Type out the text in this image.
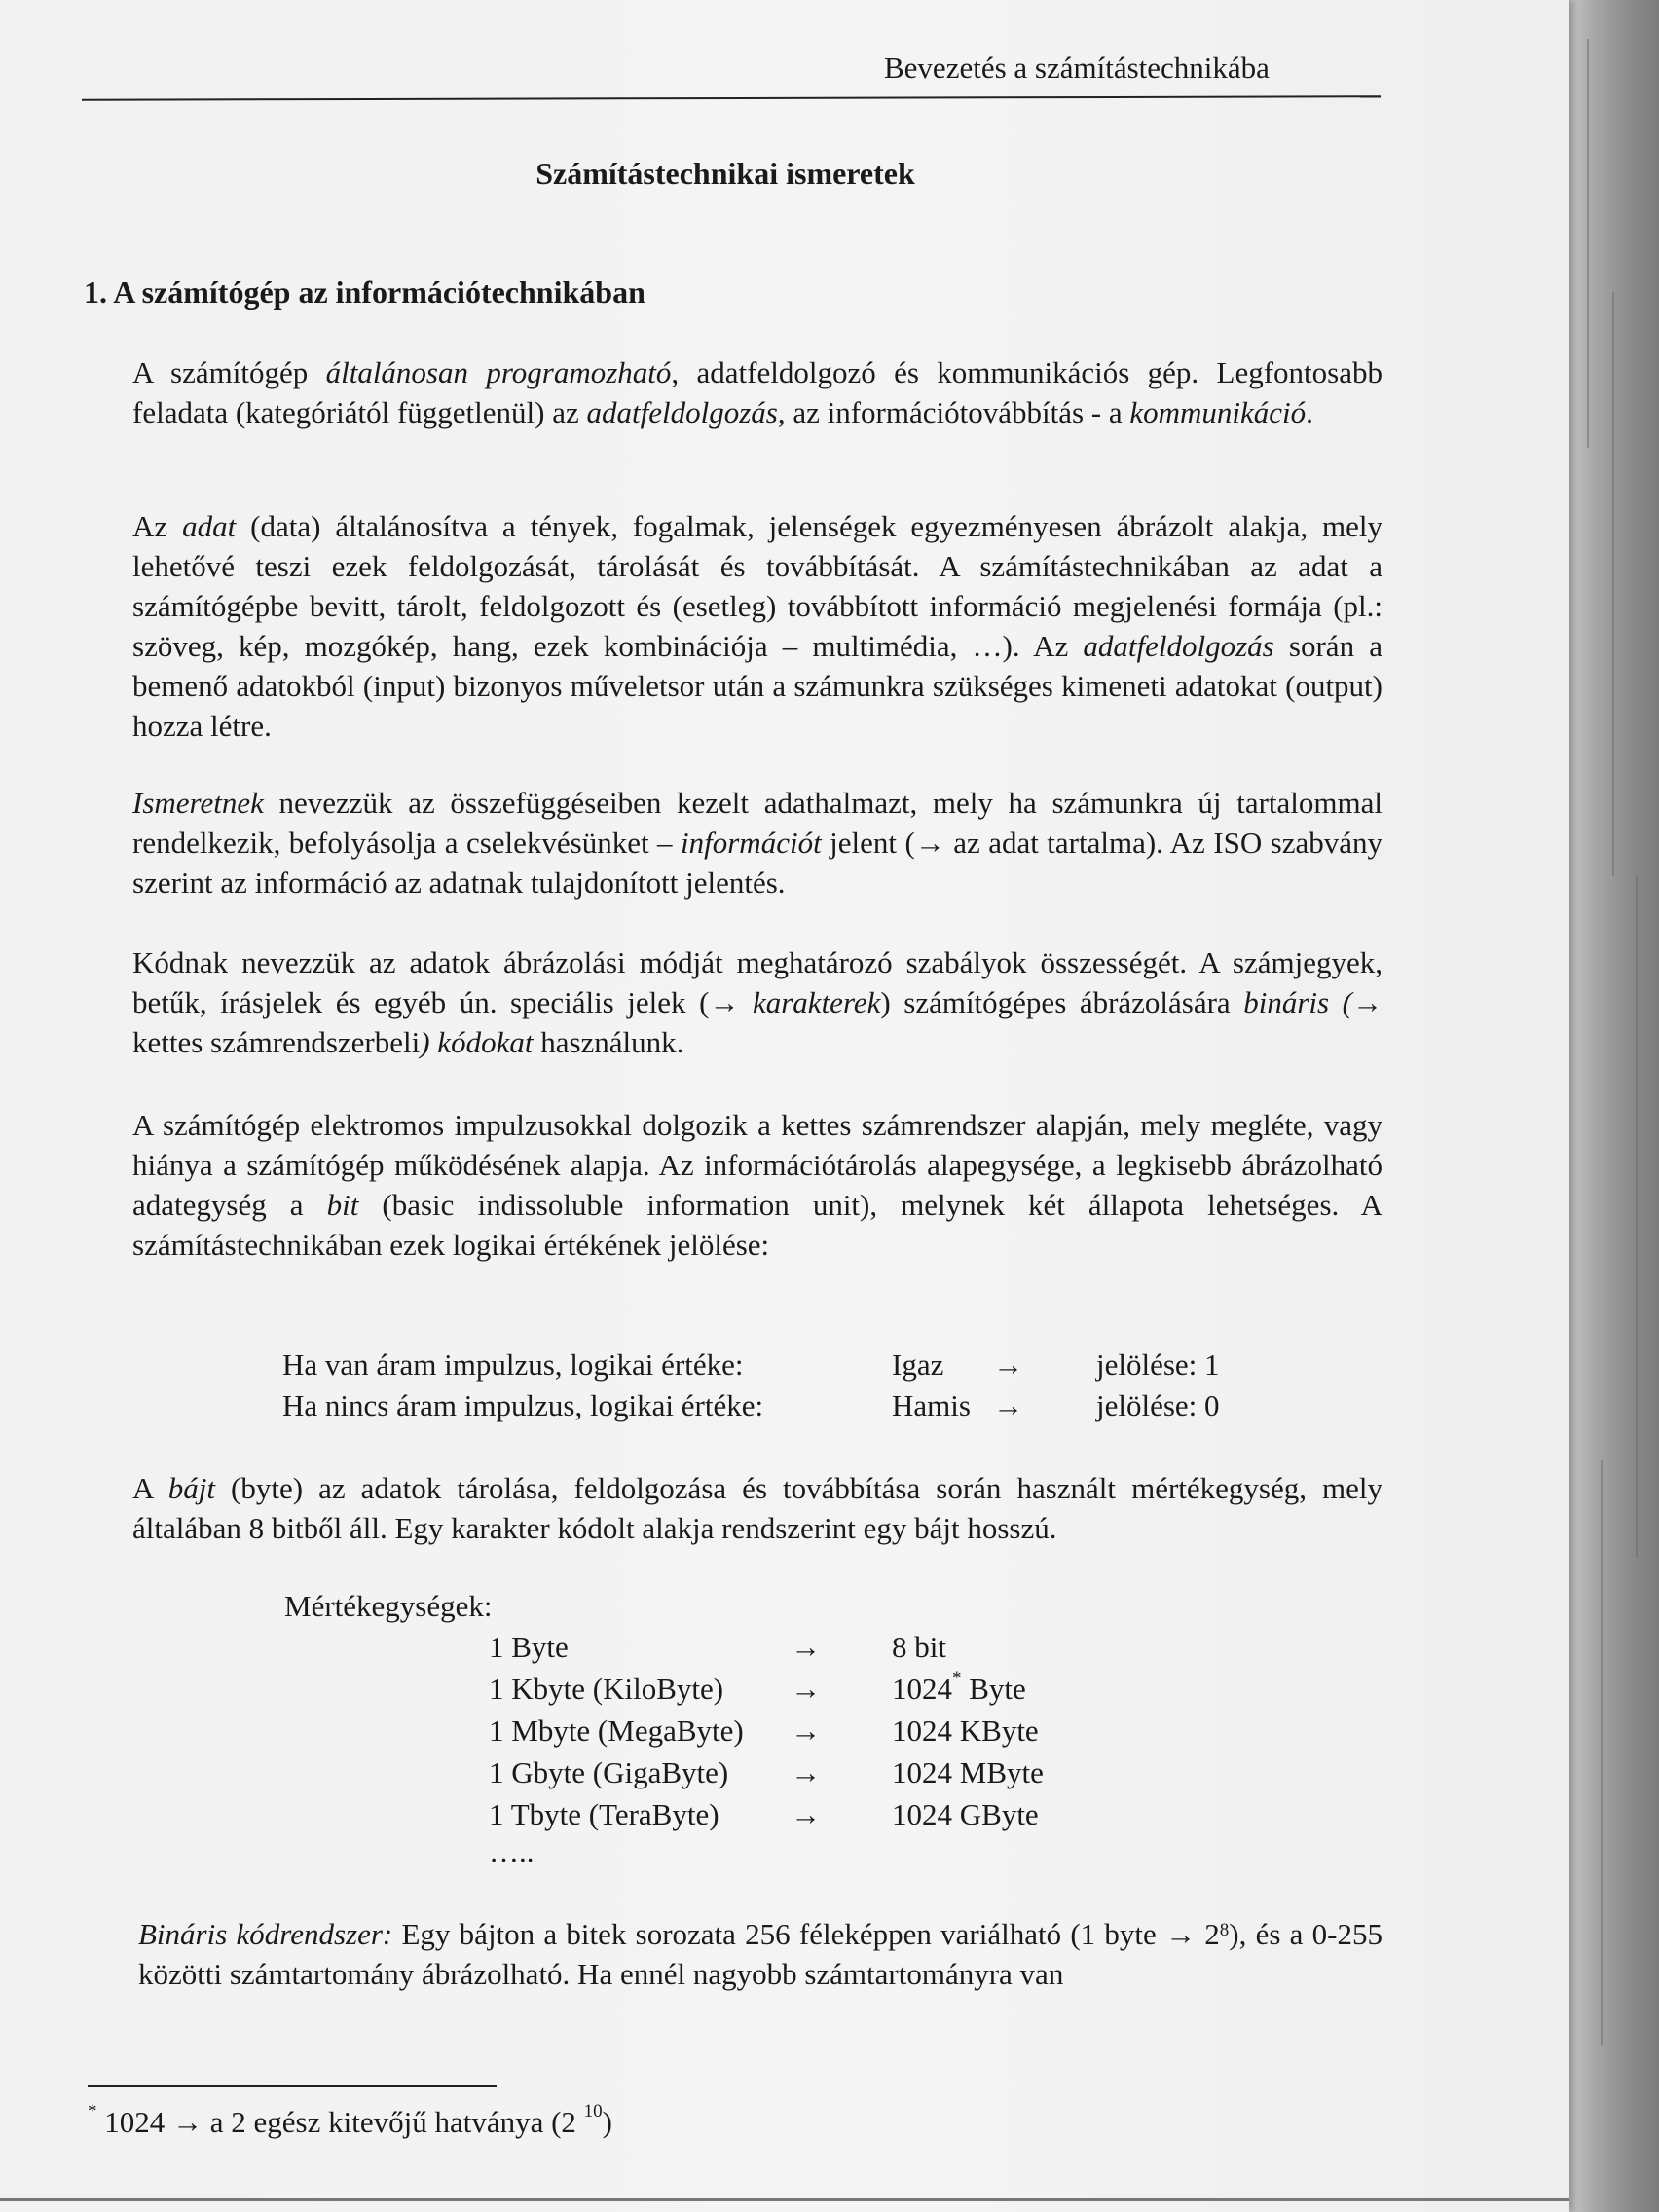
Bevezetés a számítástechnikába
Számítástechnikai ismeretek
1. A számítógép az információtechnikában
A számítógép általánosan programozható, adatfeldolgozó és kommunikációs gép. Legfontosabb feladata (kategóriától függetlenül) az adatfeldolgozás, az információtovábbítás - a kommunikáció.
Az adat (data) általánosítva a tények, fogalmak, jelenségek egyezményesen ábrázolt alakja, mely lehetővé teszi ezek feldolgozását, tárolását és továbbítását. A számítástechnikában az adat a számítógépbe bevitt, tárolt, feldolgozott és (esetleg) továbbított információ megjelenési formája (pl.: szöveg, kép, mozgókép, hang, ezek kombinációja – multimédia, …). Az adatfeldolgozás során a bemenő adatokból (input) bizonyos műveletsor után a számunkra szükséges kimeneti adatokat (output) hozza létre.
Ismeretnek nevezzük az összefüggéseiben kezelt adathalmazt, mely ha számunkra új tartalommal rendelkezik, befolyásolja a cselekvésünket – információt jelent (→ az adat tartalma). Az ISO szabvány szerint az információ az adatnak tulajdonított jelentés.
Kódnak nevezzük az adatok ábrázolási módját meghatározó szabályok összességét. A számjegyek, betűk, írásjelek és egyéb ún. speciális jelek (→ karakterek) számítógépes ábrázolására bináris (→ kettes számrendszerbeli) kódokat használunk.
A számítógép elektromos impulzusokkal dolgozik a kettes számrendszer alapján, mely megléte, vagy hiánya a számítógép működésének alapja. Az információtárolás alapegysége, a legkisebb ábrázolható adategység a bit (basic indissoluble information unit), melynek két állapota lehetséges. A számítástechnikában ezek logikai értékének jelölése:
Ha van áram impulzus, logikai értéke:	Igaz → jelölése: 1
Ha nincs áram impulzus, logikai értéke:	Hamis → jelölése: 0
A bájt (byte) az adatok tárolása, feldolgozása és továbbítása során használt mértékegység, mely általában 8 bitből áll. Egy karakter kódolt alakja rendszerint egy bájt hosszú.
Mértékegységek:
1 Byte	→ 8 bit
1 Kbyte (KiloByte) → 1024* Byte
1 Mbyte (MegaByte) → 1024 KByte
1 Gbyte (GigaByte) → 1024 MByte
1 Tbyte (TeraByte) → 1024 GByte
…..
Bináris kódrendszer: Egy bájton a bitek sorozata 256 féleképpen variálható (1 byte → $2^8$), és a 0-255 közötti számtartomány ábrázolható. Ha ennél nagyobb számtartományra van
* 1024 → a 2 egész kitevőjű hatványa (2 $^{10}$)
